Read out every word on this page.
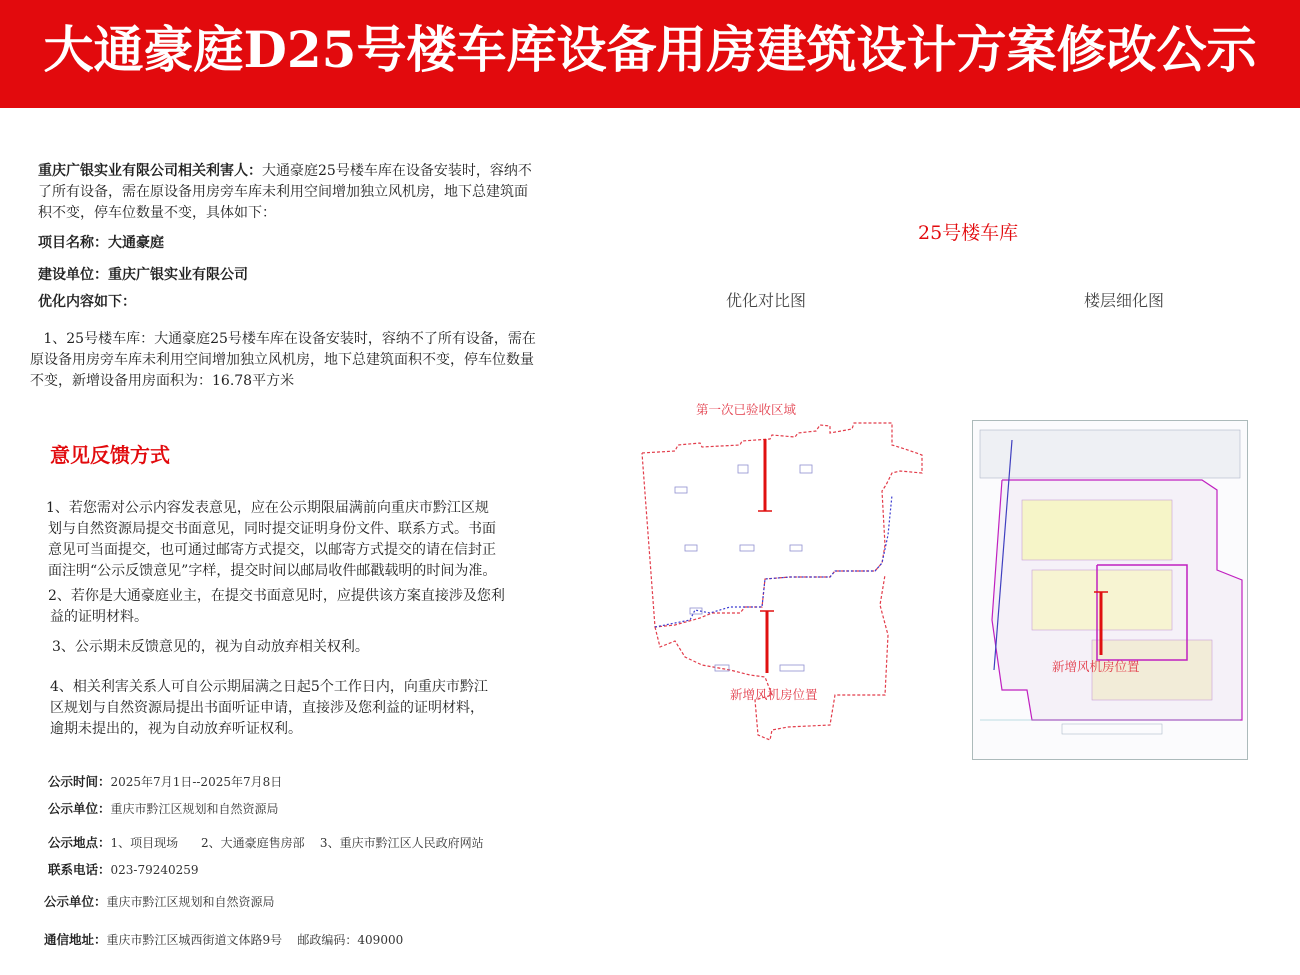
大通豪庭D25号楼车库设备用房建筑设计方案修改公示
重庆广银实业有限公司相关利害人：大通豪庭25号楼车库在设备安装时，容纳不
了所有设备，需在原设备用房旁车库未利用空间增加独立风机房，地下总建筑面
积不变，停车位数量不变，具体如下：
项目名称：大通豪庭
建设单位：重庆广银实业有限公司
优化内容如下：
1、25号楼车库：大通豪庭25号楼车库在设备安装时，容纳不了所有设备，需在
原设备用房旁车库未利用空间增加独立风机房，地下总建筑面积不变，停车位数量
不变，新增设备用房面积为：16.78平方米
意见反馈方式
1、若您需对公示内容发表意见，应在公示期限届满前向重庆市黔江区规
划与自然资源局提交书面意见，同时提交证明身份文件、联系方式。书面
意见可当面提交，也可通过邮寄方式提交，以邮寄方式提交的请在信封正
面注明“公示反馈意见”字样，提交时间以邮局收件邮戳载明的时间为准。
2、若你是大通豪庭业主，在提交书面意见时，应提供该方案直接涉及您利
益的证明材料。
3、公示期未反馈意见的，视为自动放弃相关权利。
4、相关利害关系人可自公示期届满之日起5个工作日内，向重庆市黔江
区规划与自然资源局提出书面听证申请，直接涉及您利益的证明材料，
逾期未提出的，视为自动放弃听证权利。
公示时间：2025年7月1日--2025年7月8日
公示单位：重庆市黔江区规划和自然资源局
公示地点：1、项目现场      2、大通豪庭售房部    3、重庆市黔江区人民政府网站
联系电话：023-79240259
公示单位：重庆市黔江区规划和自然资源局
通信地址：重庆市黔江区城西街道文体路9号    邮政编码：409000
25号楼车库
优化对比图	楼层细化图
第一次已验收区域
新增风机房位置
新增风机房位置
